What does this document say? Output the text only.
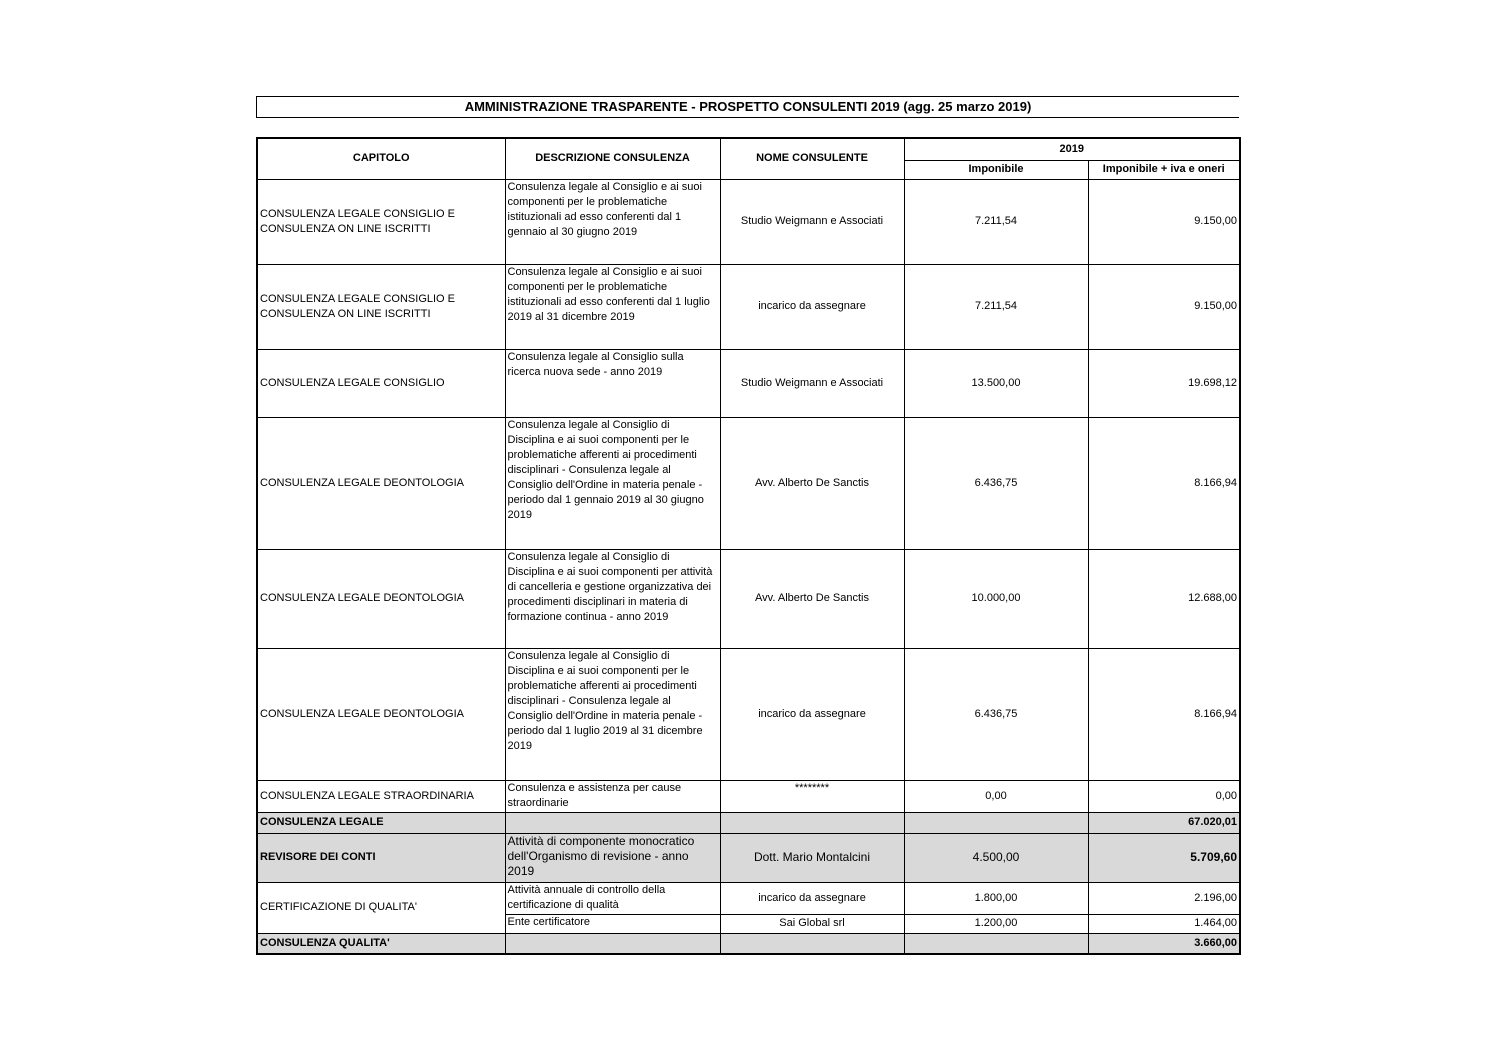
AMMINISTRAZIONE TRASPARENTE - PROSPETTO CONSULENTI 2019 (agg. 25 marzo 2019)
CAPITOLO	DESCRIZIONE CONSULENZA	NOME CONSULENTE	2019	
			Imponibile	Imponibile + iva e oneri
CONSULENZA LEGALE CONSIGLIO E CONSULENZA ON LINE ISCRITTI	Consulenza legale al Consiglio e ai suoi componenti per le problematiche istituzionali ad esso conferenti dal 1 gennaio al 30 giugno 2019	Studio Weigmann e Associati	7.211,54	9.150,00
CONSULENZA LEGALE CONSIGLIO E CONSULENZA ON LINE ISCRITTI	Consulenza legale al Consiglio e ai suoi componenti per le problematiche istituzionali ad esso conferenti dal 1 luglio 2019 al 31 dicembre 2019	incarico da assegnare	7.211,54	9.150,00
CONSULENZA LEGALE CONSIGLIO	Consulenza legale al Consiglio sulla ricerca nuova sede - anno 2019	Studio Weigmann e Associati	13.500,00	19.698,12
CONSULENZA LEGALE DEONTOLOGIA	Consulenza legale al Consiglio di Disciplina e ai suoi componenti per le problematiche afferenti ai procedimenti disciplinari - Consulenza legale al Consiglio dell'Ordine in materia penale - periodo dal 1 gennaio 2019 al 30 giugno 2019	Avv. Alberto De Sanctis	6.436,75	8.166,94
CONSULENZA LEGALE DEONTOLOGIA	Consulenza legale al Consiglio di Disciplina e ai suoi componenti per attività di cancelleria e gestione organizzativa dei procedimenti disciplinari in materia di formazione continua - anno 2019	Avv. Alberto De Sanctis	10.000,00	12.688,00
CONSULENZA LEGALE DEONTOLOGIA	Consulenza legale al Consiglio di Disciplina e ai suoi componenti per le problematiche afferenti ai procedimenti disciplinari - Consulenza legale al Consiglio dell'Ordine in materia penale - periodo dal 1 luglio 2019 al 31 dicembre 2019	incarico da assegnare	6.436,75	8.166,94
CONSULENZA LEGALE STRAORDINARIA	Consulenza e assistenza per cause straordinarie	********	0,00	0,00
CONSULENZA LEGALE				67.020,01
REVISORE DEI CONTI	Attività di componente monocratico dell'Organismo di revisione - anno 2019	Dott. Mario Montalcini	4.500,00	5.709,60
CERTIFICAZIONE DI QUALITA'	Attività annuale di controllo della certificazione di qualità	incarico da assegnare	1.800,00	2.196,00
	Ente certificatore	Sai Global srl	1.200,00	1.464,00
CONSULENZA QUALITA'				3.660,00
